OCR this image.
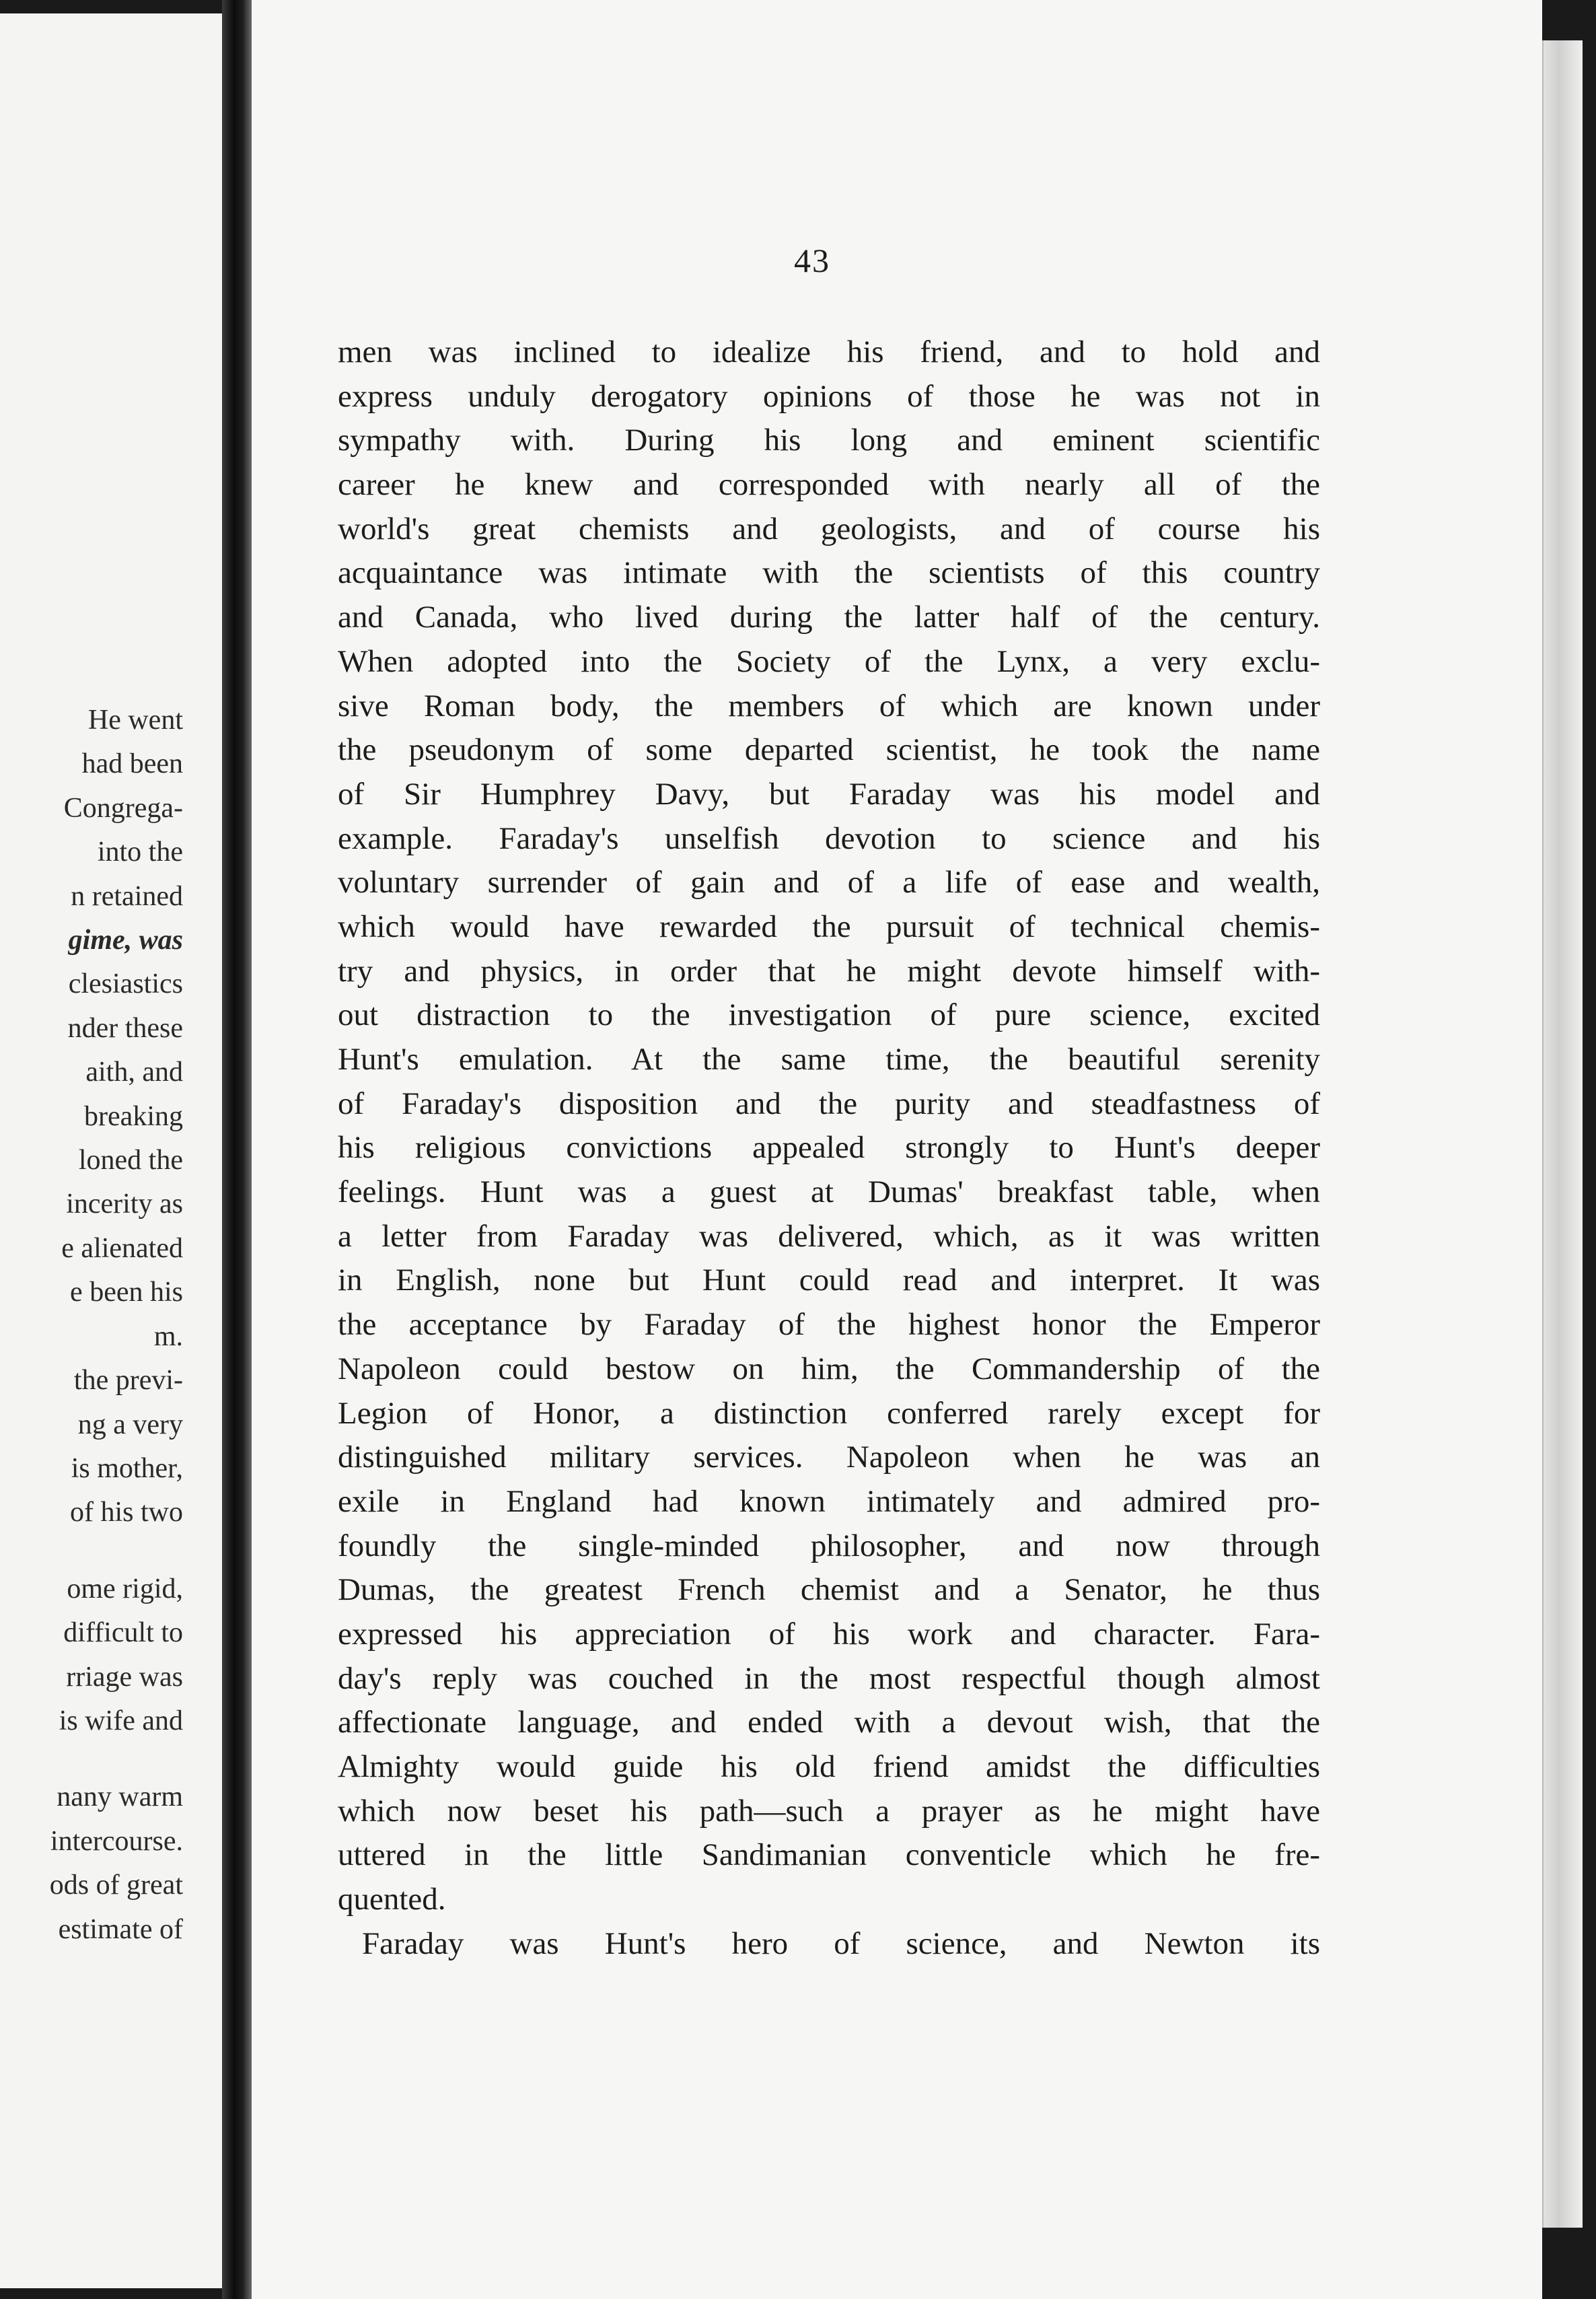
He went
had been
Congrega-
into the
n retained
gime, was
clesiastics
nder these
aith, and
breaking
loned the
incerity as
e alienated
e been his
m.
the previ-
ng a very
is mother,
of his two
ome rigid,
difficult to
rriage was
is wife and
nany warm
intercourse.
ods of great
estimate of
43
men was inclined to idealize his friend, and to hold and
express unduly derogatory opinions of those he was not in
sympathy with. During his long and eminent scientific
career he knew and corresponded with nearly all of the
world's great chemists and geologists, and of course his
acquaintance was intimate with the scientists of this country
and Canada, who lived during the latter half of the century.
When adopted into the Society of the Lynx, a very exclu-
sive Roman body, the members of which are known under
the pseudonym of some departed scientist, he took the name
of Sir Humphrey Davy, but Faraday was his model and
example. Faraday's unselfish devotion to science and his
voluntary surrender of gain and of a life of ease and wealth,
which would have rewarded the pursuit of technical chemis-
try and physics, in order that he might devote himself with-
out distraction to the investigation of pure science, excited
Hunt's emulation. At the same time, the beautiful serenity
of Faraday's disposition and the purity and steadfastness of
his religious convictions appealed strongly to Hunt's deeper
feelings. Hunt was a guest at Dumas' breakfast table, when
a letter from Faraday was delivered, which, as it was written
in English, none but Hunt could read and interpret. It was
the acceptance by Faraday of the highest honor the Emperor
Napoleon could bestow on him, the Commandership of the
Legion of Honor, a distinction conferred rarely except for
distinguished military services. Napoleon when he was an
exile in England had known intimately and admired pro-
foundly the single-minded philosopher, and now through
Dumas, the greatest French chemist and a Senator, he thus
expressed his appreciation of his work and character. Fara-
day's reply was couched in the most respectful though almost
affectionate language, and ended with a devout wish, that the
Almighty would guide his old friend amidst the difficulties
which now beset his path—such a prayer as he might have
uttered in the little Sandimanian conventicle which he fre-
quented.
Faraday was Hunt's hero of science, and Newton its
